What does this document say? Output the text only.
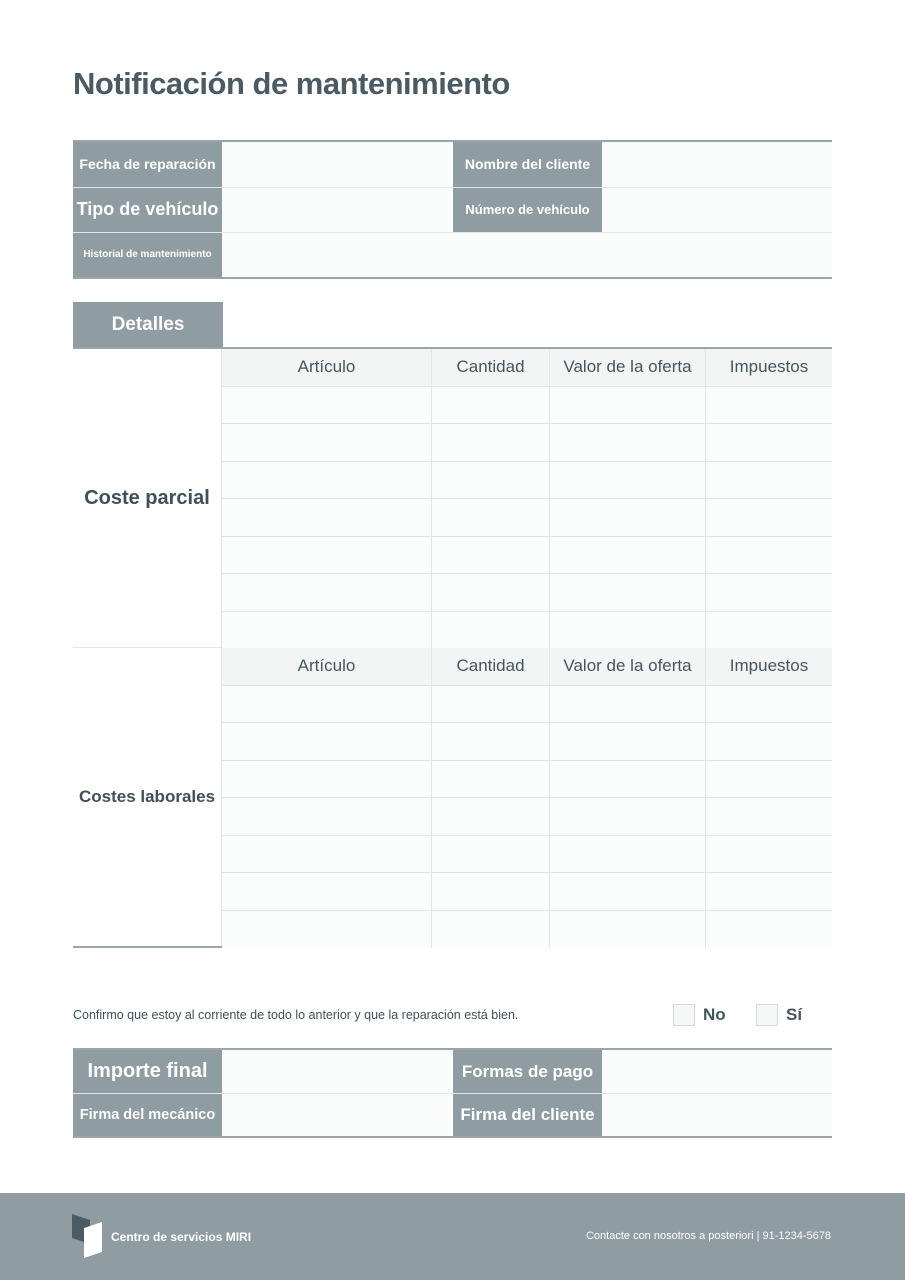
Notificación de mantenimiento
Fecha de reparación	Nombre del cliente
Tipo de vehículo	Número de vehículo
Historial de mantenimiento
Detalles
Coste parcial
Artículo	Cantidad	Valor de la oferta	Impuestos
Costes laborales
Artículo	Cantidad	Valor de la oferta	Impuestos
Confirmo que estoy al corriente de todo lo anterior y que la reparación está bien.	No	Sí
Importe final	Formas de pago
Firma del mecánico	Firma del cliente
Centro de servicios MIRI	Contacte con nosotros a posteriori | 91-1234-5678
